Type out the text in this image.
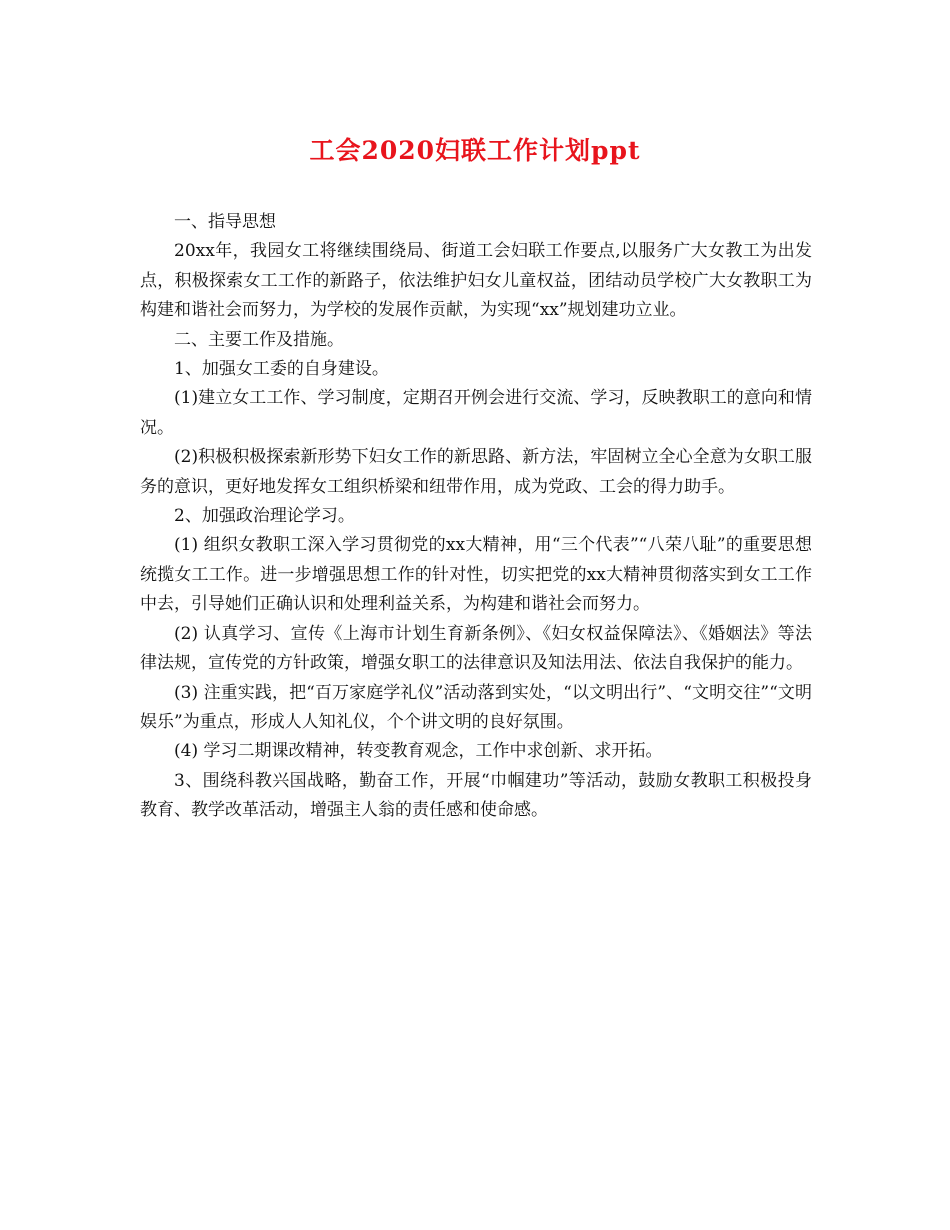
工会2020妇联工作计划ppt

一、指导思想

20xx年，我园女工将继续围绕局、街道工会妇联工作要点,以服务广大女教工为出发点，积极探索女工工作的新路子，依法维护妇女儿童权益，团结动员学校广大女教职工为构建和谐社会而努力，为学校的发展作贡献，为实现“xx”规划建功立业。

二、主要工作及措施。

1、加强女工委的自身建设。

(1)建立女工工作、学习制度，定期召开例会进行交流、学习，反映教职工的意向和情况。

(2)积极积极探索新形势下妇女工作的新思路、新方法，牢固树立全心全意为女职工服务的意识，更好地发挥女工组织桥梁和纽带作用，成为党政、工会的得力助手。

2、加强政治理论学习。

(1) 组织女教职工深入学习贯彻党的xx大精神，用“三个代表”“八荣八耻”的重要思想统揽女工工作。进一步增强思想工作的针对性，切实把党的xx大精神贯彻落实到女工工作中去，引导她们正确认识和处理利益关系，为构建和谐社会而努力。

(2) 认真学习、宣传《上海市计划生育新条例》、《妇女权益保障法》、《婚姻法》等法律法规，宣传党的方针政策，增强女职工的法律意识及知法用法、依法自我保护的能力。

(3) 注重实践，把“百万家庭学礼仪”活动落到实处，“以文明出行”、“文明交往”“文明娱乐”为重点，形成人人知礼仪，个个讲文明的良好氛围。

(4) 学习二期课改精神，转变教育观念，工作中求创新、求开拓。

3、围绕科教兴国战略，勤奋工作，开展“巾帼建功”等活动，鼓励女教职工积极投身教育、教学改革活动，增强主人翁的责任感和使命感。
